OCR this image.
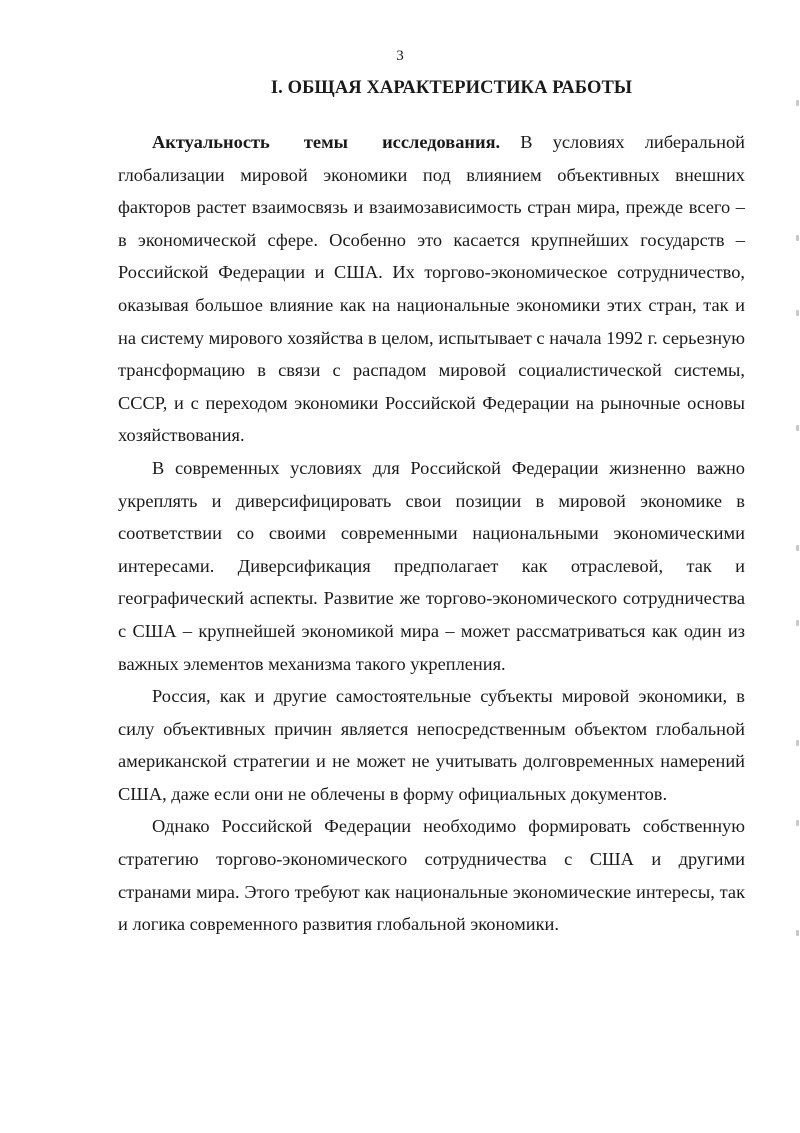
3
I. ОБЩАЯ ХАРАКТЕРИСТИКА РАБОТЫ

Актуальность темы исследования. В условиях либеральной глобализации мировой экономики под влиянием объективных внешних факторов растет взаимосвязь и взаимозависимость стран мира, прежде всего – в экономической сфере. Особенно это касается крупнейших государств – Российской Федерации и США. Их торгово-экономическое сотрудничество, оказывая большое влияние как на национальные экономики этих стран, так и на систему мирового хозяйства в целом, испытывает с начала 1992 г. серьезную трансформацию в связи с распадом мировой социалистической системы, СССР, и с переходом экономики Российской Федерации на рыночные основы хозяйствования.

В современных условиях для Российской Федерации жизненно важно укреплять и диверсифицировать свои позиции в мировой экономике в соответствии со своими современными национальными экономическими интересами. Диверсификация предполагает как отраслевой, так и географический аспекты. Развитие же торгово-экономического сотрудничества с США – крупнейшей экономикой мира – может рассматриваться как один из важных элементов механизма такого укрепления.

Россия, как и другие самостоятельные субъекты мировой экономики, в силу объективных причин является непосредственным объектом глобальной американской стратегии и не может не учитывать долговременных намерений США, даже если они не облечены в форму официальных документов.

Однако Российской Федерации необходимо формировать собственную стратегию торгово-экономического сотрудничества с США и другими странами мира. Этого требуют как национальные экономические интересы, так и логика современного развития глобальной экономики.
